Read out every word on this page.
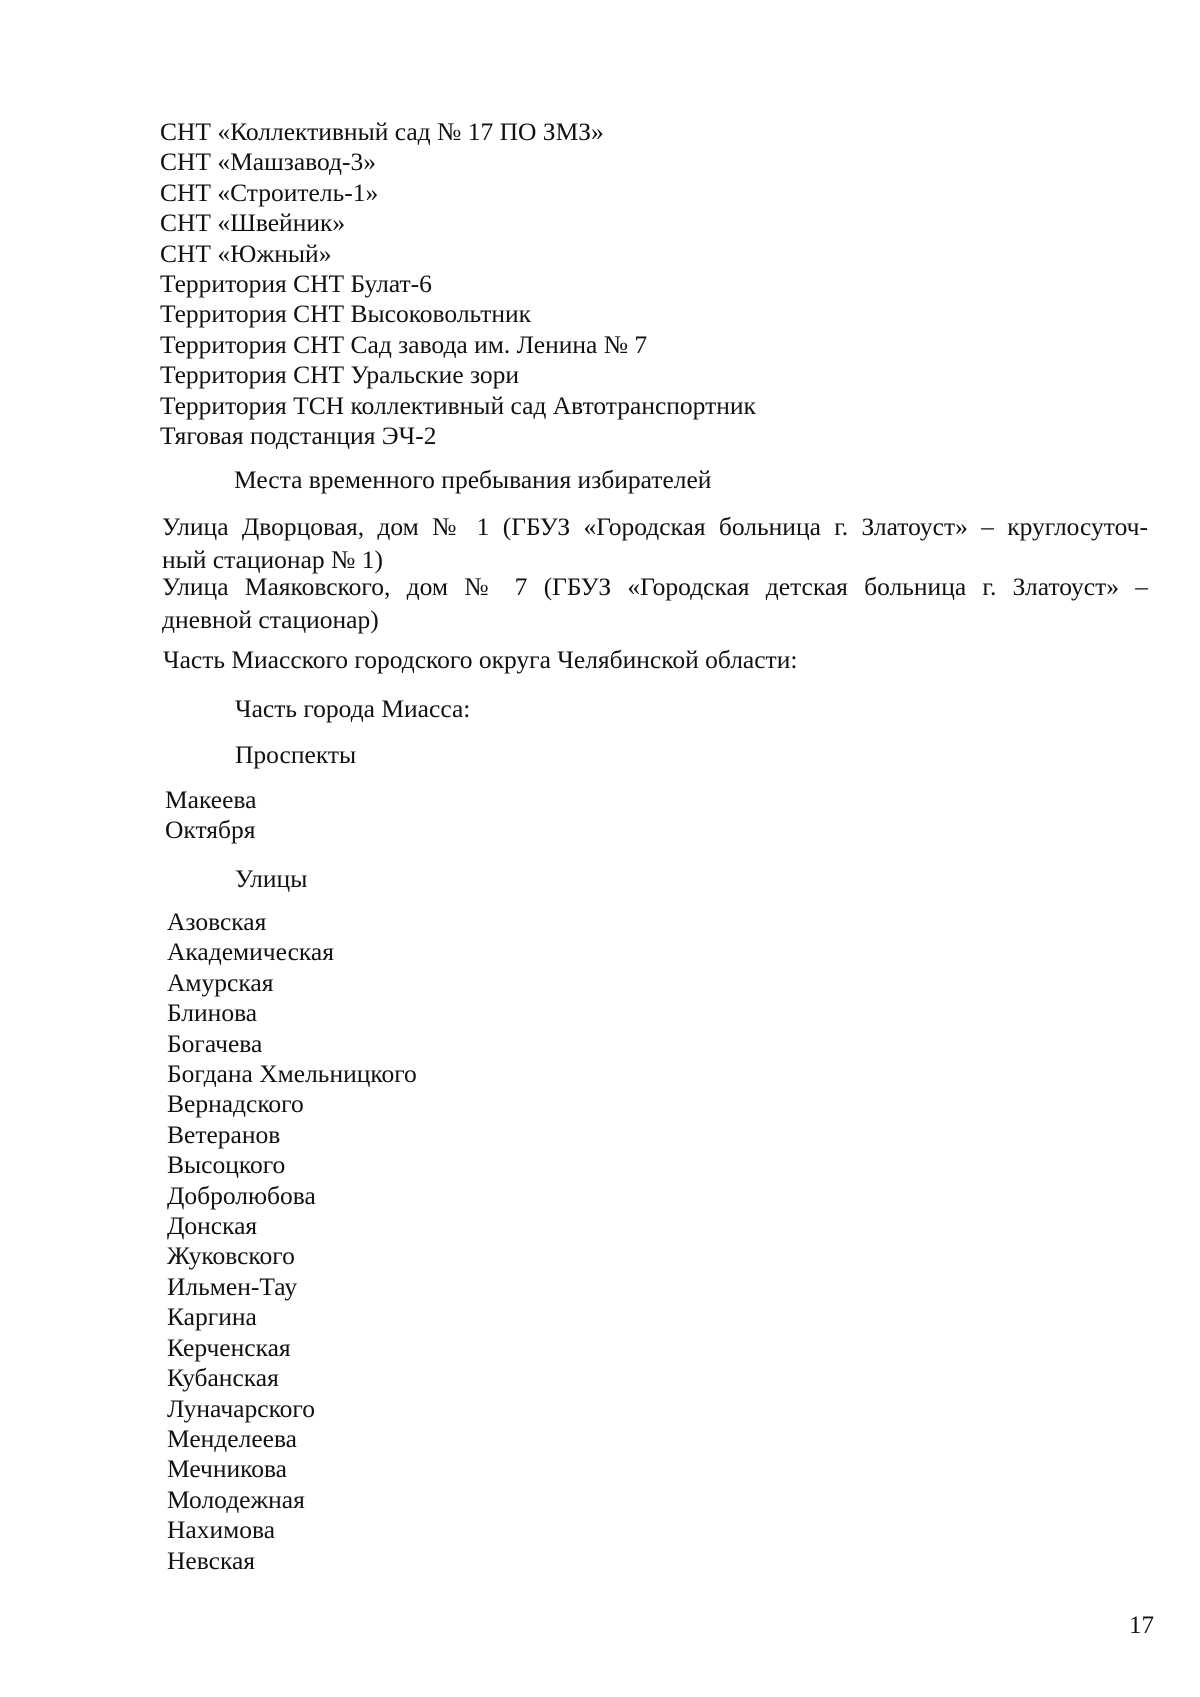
СНТ «Коллективный сад № 17 ПО ЗМЗ»
СНТ «Машзавод-3»
СНТ «Строитель-1»
СНТ «Швейник»
СНТ «Южный»
Территория СНТ Булат-6
Территория СНТ Высоковольтник
Территория СНТ Сад завода им. Ленина № 7
Территория СНТ Уральские зори
Территория ТСН коллективный сад Автотранспортник
Тяговая подстанция ЭЧ-2
Места временного пребывания избирателей
Улица Дворцовая, дом № 1 (ГБУЗ «Городская больница г. Златоуст» – круглосуточ-
ный стационар № 1)
Улица Маяковского, дом № 7 (ГБУЗ «Городская детская больница г. Златоуст» –
дневной стационар)
Часть Миасского городского округа Челябинской области:
Часть города Миасса:
Проспекты
Макеева
Октября
Улицы
Азовская
Академическая
Амурская
Блинова
Богачева
Богдана Хмельницкого
Вернадского
Ветеранов
Высоцкого
Добролюбова
Донская
Жуковского
Ильмен-Тау
Каргина
Керченская
Кубанская
Луначарского
Менделеева
Мечникова
Молодежная
Нахимова
Невская
17
